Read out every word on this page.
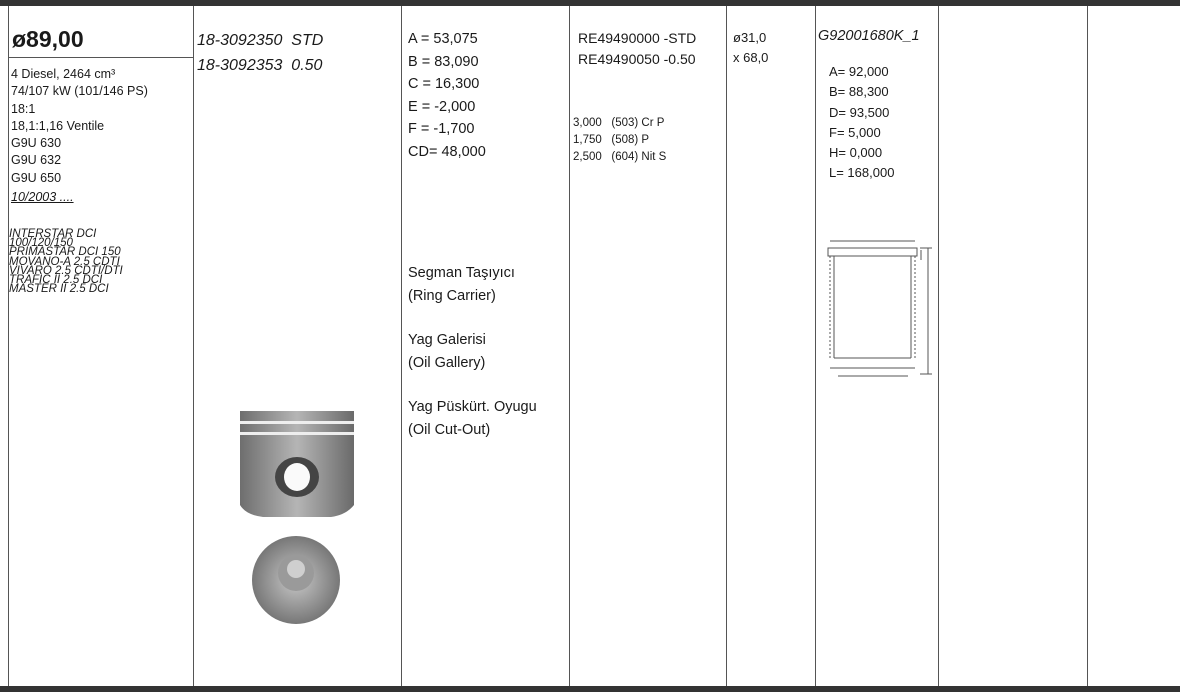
ø89,00
4 Diesel, 2464 cm³
74/107 kW (101/146 PS)
18:1
18,1:1,16 Ventile
G9U 630
G9U 632
G9U 650
10/2003 ....
INTERSTAR DCI
100/120/150
PRIMASTAR DCI 150
MOVANO-A 2.5 CDTI
VIVARO 2.5 CDTI/DTI
TRAFIC II 2.5 DCI
MASTER II 2.5 DCI
18-3092350  STD
18-3092353  0.50
A = 53,075
B = 83,090
C = 16,300
E = -2,000
F = -1,700
CD= 48,000
Segman Taşıyıcı
(Ring Carrier)
Yag Galerisi
(Oil Gallery)
Yag Püskürt. Oyugu
(Oil Cut-Out)
RE49490000 -STD
RE49490050 -0.50
3,000   (503) Cr P
1,750   (508) P
2,500   (604) Nit S
ø31,0
x 68,0
G92001680K_1
A= 92,000
B= 88,300
D= 93,500
F= 5,000
H= 0,000
L= 168,000
